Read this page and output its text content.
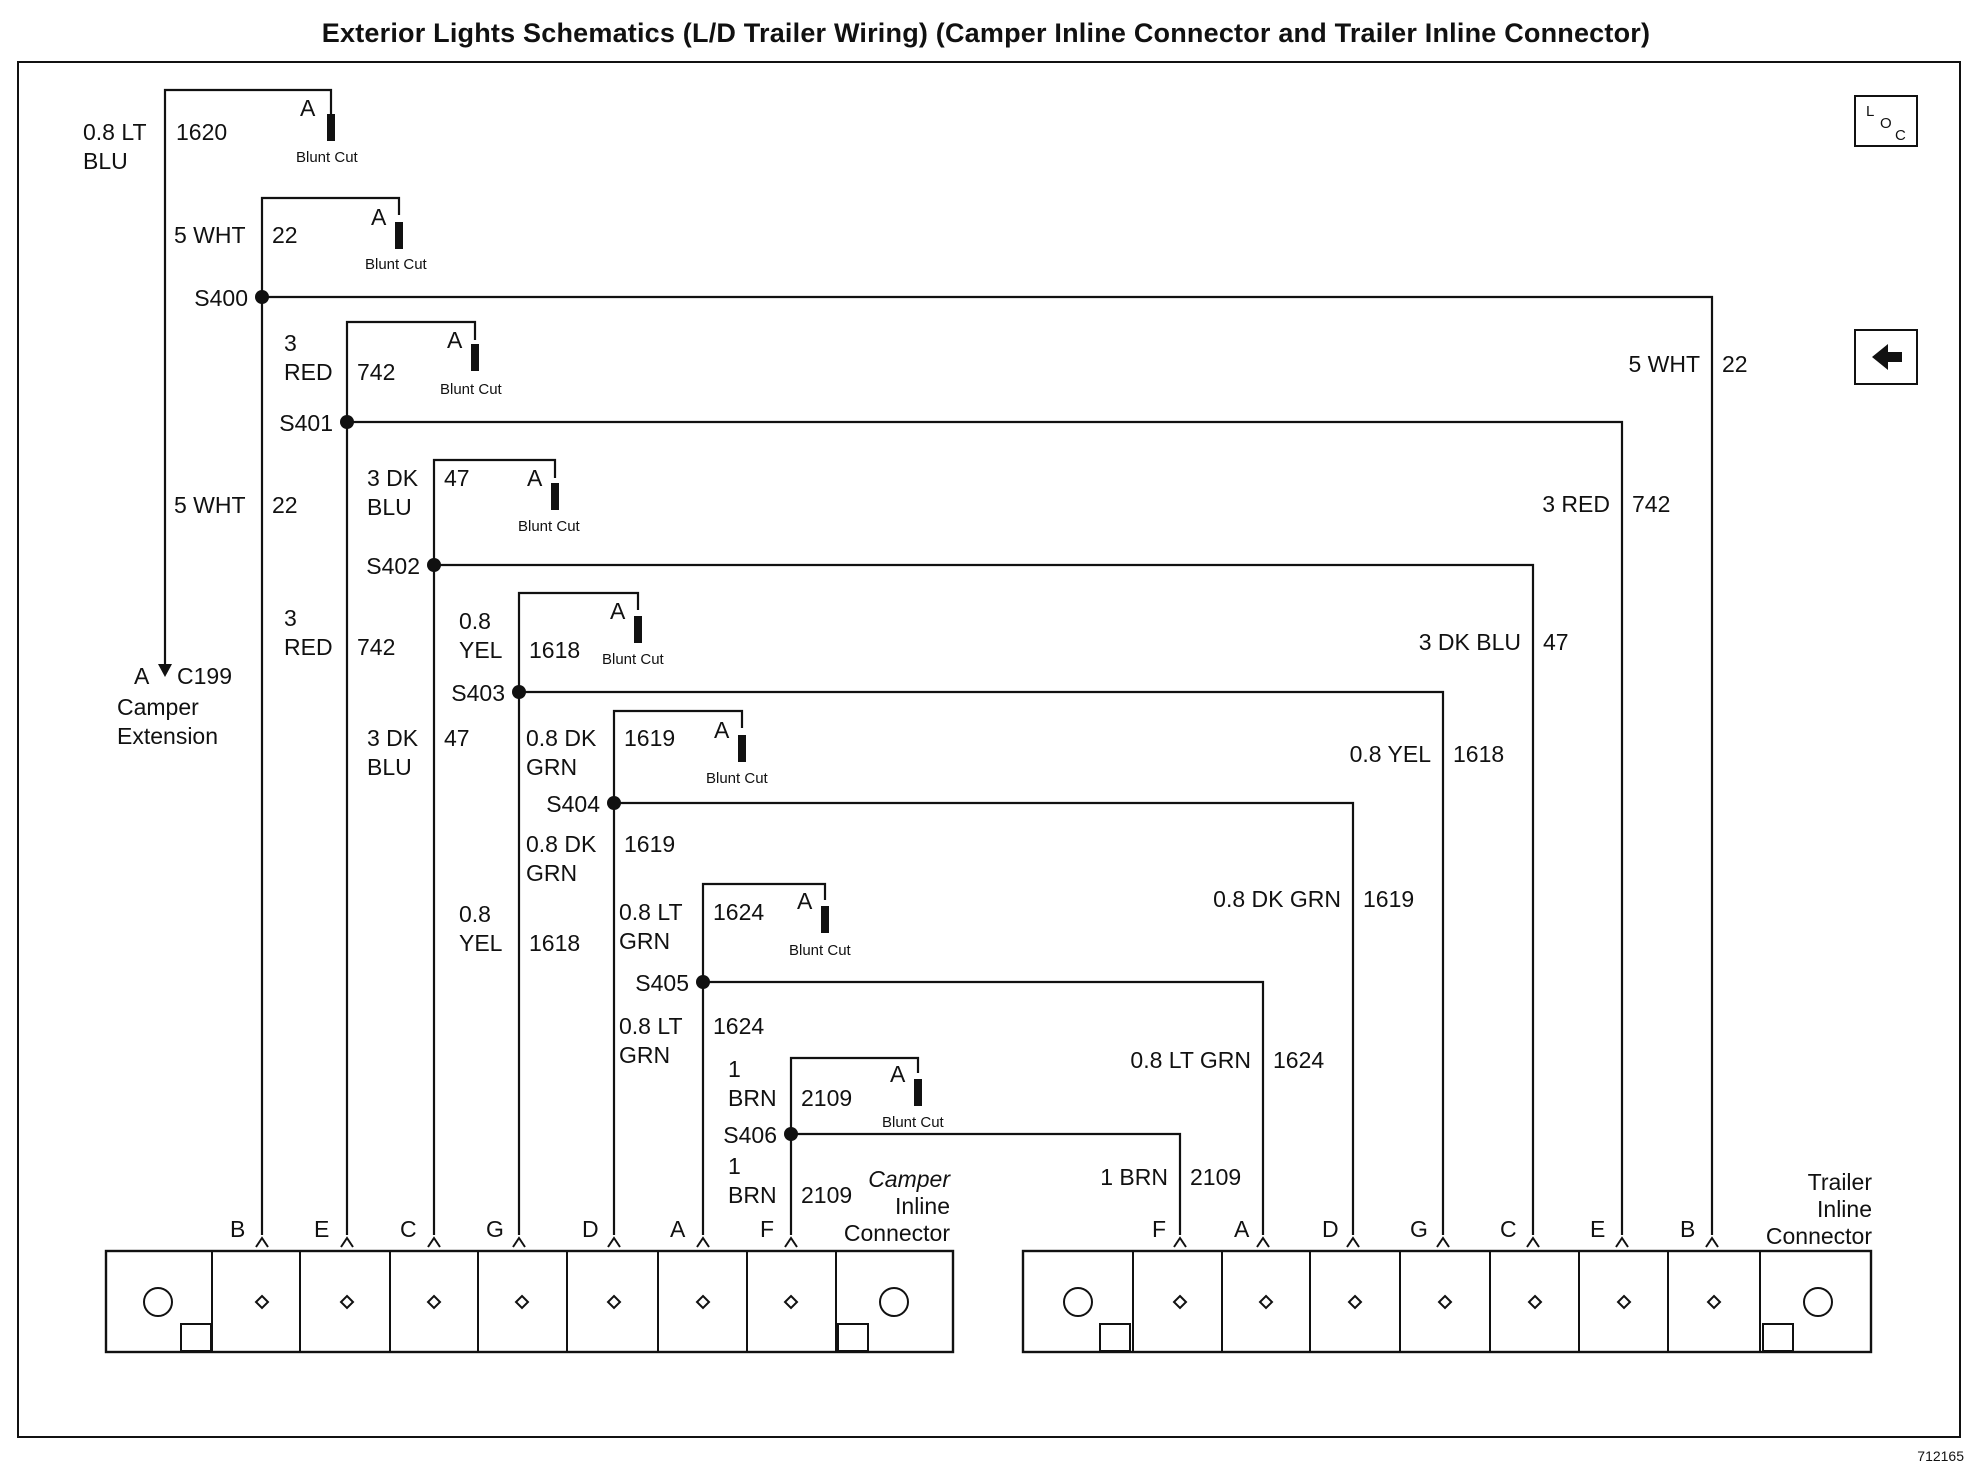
Exterior Lights Schematics (L/D Trailer Wiring) (Camper Inline Connector and Trailer Inline Connector)
L
O
C
S400
S401
S402
S403
S404
S405
S406
A
Blunt Cut
A
Blunt Cut
A
Blunt Cut
A
Blunt Cut
A
Blunt Cut
A
Blunt Cut
A
Blunt Cut
A
Blunt Cut
0.8 LT
BLU
1620
5 WHT 22
5 WHT 22
3
RED 742
3
RED 742
3 DK
BLU
47
3 DK
BLU
47
0.8
YEL 1618
0.8
YEL 1618
0.8 DK
GRN
1619
0.8 DK
GRN
1619
0.8 LT
GRN
1624
0.8 LT
GRN
1624
1
BRN 2109
1
BRN 2109
5 WHT 22
3 RED 742
3 DK BLU 47
0.8 YEL 1618
0.8 DK GRN 1619
0.8 LT GRN 1624
1 BRN 2109
A C199
Camper
Extension
B	E	C	G	D	A	F
Camper
Inline
Connector	F	A	D	G	C	E	B
Trailer
Inline
Connector
712165
